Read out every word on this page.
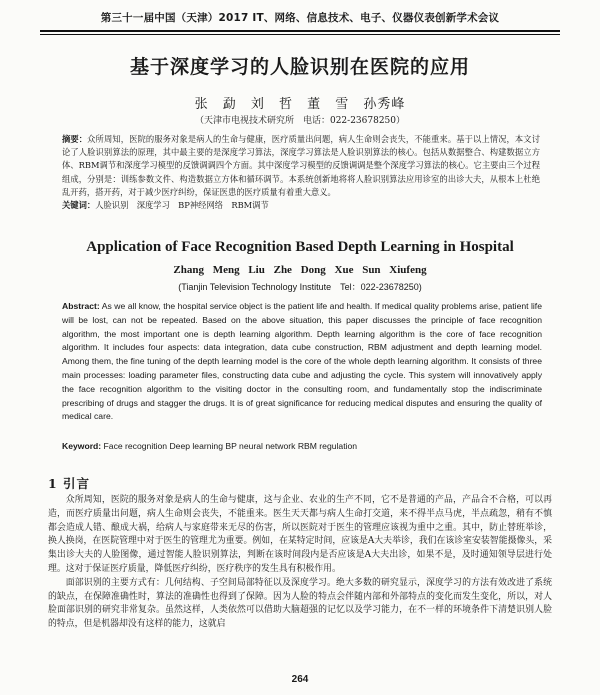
第三十一届中国（天津）2017 IT、网络、信息技术、电子、仪器仪表创新学术会议
基于深度学习的人脸识别在医院的应用
张 勐 刘 哲 董 雪 孙秀峰
（天津市电视技术研究所　电话：022-23678250）

摘要：众所周知，医院的服务对象是病人的生命与健康，医疗质量出问题，病人生命则会丧失，不能重来。基于以上情况，本文讨论了人脸识别算法的原理，其中最主要的是深度学习算法，深度学习算法是人脸识别算法的核心。包括从数据整合、构建数据立方体、RBM调节和深度学习模型的反馈调调四个方面。其中深度学习模型的反馈调调是整个深度学习算法的核心。它主要由三个过程组成，分别是：训练参数文件、构造数据立方体和循环调节。本系统创新地将将人脸识别算法应用诊室的出诊大夫，从根本上杜绝乱开药，搭开药，对于减少医疗纠纷，保证医患的医疗质量有着重大意义。

关键词：人脸识别　深度学习　BP神经网络　RBM调节

Application of Face Recognition Based Depth Learning in Hospital
Zhang Meng Liu Zhe Dong Xue Sun Xiufeng
(Tianjin Television Technology Institute　Tel：022-23678250)

Abstract: As we all know, the hospital service object is the patient life and health. If medical quality problems arise, patient life will be lost, can not be repeated. Based on the above situation, this paper discusses the principle of face recognition algorithm, the most important one is depth learning algorithm. Depth learning algorithm is the core of face recognition algorithm. It includes four aspects: data integration, data cube construction, RBM adjustment and depth learning model. Among them, the fine tuning of the depth learning model is the core of the whole depth learning algorithm. It consists of three main processes: loading parameter files, constructing data cube and adjusting the cycle. This system will innovatively apply the face recognition algorithm to the visiting doctor in the consulting room, and fundamentally stop the indiscriminate prescribing of drugs and stagger the drugs. It is of great significance for reducing medical disputes and ensuring the quality of medical care.

Keyword: Face recognition Deep learning BP neural network RBM regulation

1 引言

众所周知，医院的服务对象是病人的生命与健康，这与企业、农业的生产不同，它不是普通的产品，产品合不合格，可以再造，而医疗质量出问题，病人生命则会丧失，不能重来。医生天天都与病人生命打交道，来不得半点马虎，半点疏忽，稍有不慎都会造成人错、酿成大祸，给病人与家庭带来无尽的伤害，所以医院对于医生的管理应该视为重中之重。其中，防止替班举诊，换人换岗，在医院管理中对于医生的管理尤为重要。例如，在某特定时间，应该是A大夫举诊，我们在该诊室安装智能摄像头，采集出诊大夫的人脸图像，通过智能人脸识别算法，判断在该时间段内是否应该是A大夫出诊，如果不是，及时通知领导层进行处理。这对于保证医疗质量，降低医疗纠纷，医疗秩序的发生具有积极作用。

面部识别的主要方式有：几何结构、子空间局部特征以及深度学习。绝大多数的研究显示，深度学习的方法有效改进了系统的缺点，在保障准确性时，算法的准确性也得到了保障。因为人脸的特点会伴随内部和外部特点的变化而发生变化，所以，对人脸面部识别的研究非常复杂。虽然这样，人类依然可以借助大脑超强的记忆以及学习能力，在不一样的环境条件下清楚识别人脸的特点，但是机器却没有这样的能力，这就启

264
